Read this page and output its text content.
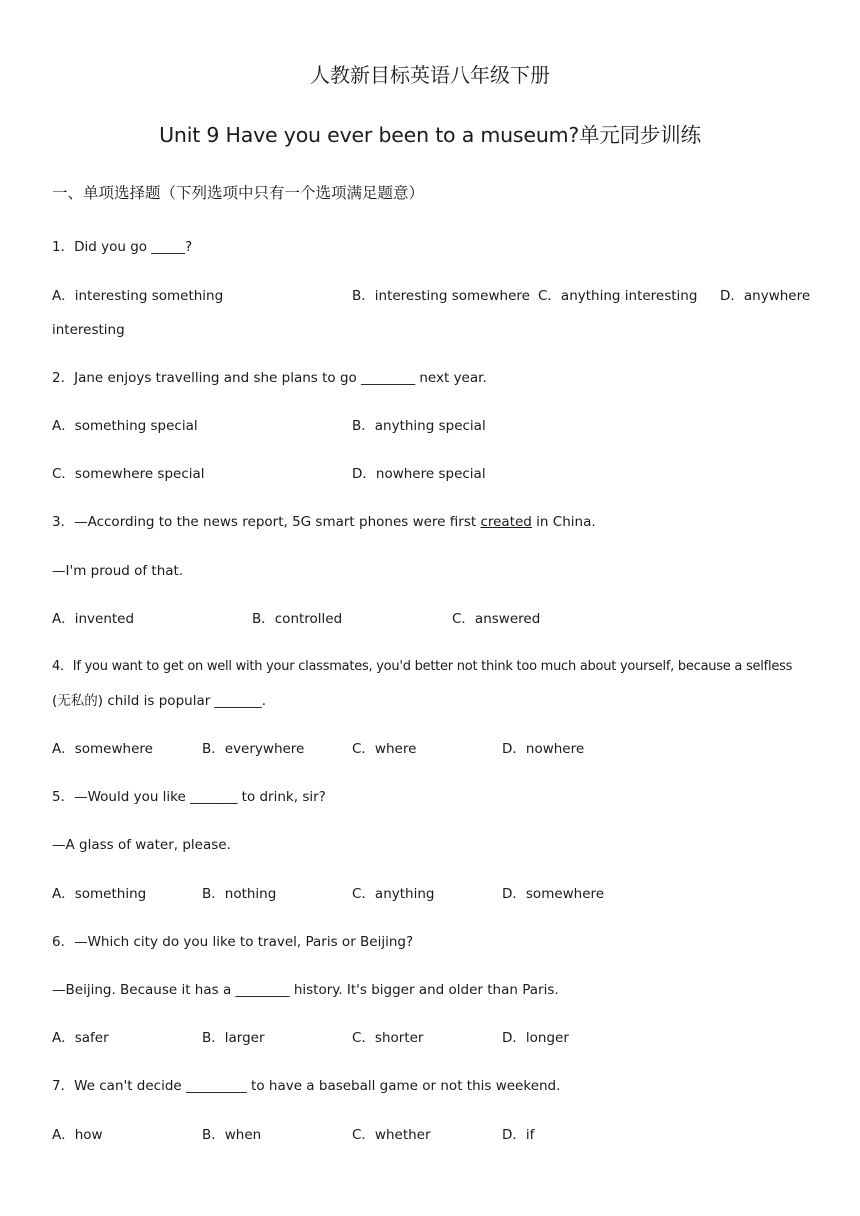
人教新目标英语八年级下册
Unit 9 Have you ever been to a museum?单元同步训练
一、单项选择题（下列选项中只有一个选项满足题意）
1．Did you go _____?
A．interesting something	B．interesting somewhere C．anything interesting D．anywhere
interesting
2．Jane enjoys travelling and she plans to go ________ next year.
A．something special	B．anything special
C．somewhere special	D．nowhere special
3．—According to the news report, 5G smart phones were first created in China.
—I'm proud of that.
A．invented	B．controlled	C．answered
4．If you want to get on well with your classmates, you'd better not think too much about yourself, because a selfless
(无私的) child is popular _______.
A．somewhere	B．everywhere	C．where	D．nowhere
5．—Would you like _______ to drink, sir?
—A glass of water, please.
A．something	B．nothing	C．anything	D．somewhere
6．—Which city do you like to travel, Paris or Beijing?
—Beijing. Because it has a ________ history. It's bigger and older than Paris.
A．safer	B．larger	C．shorter	D．longer
7．We can't decide _________ to have a baseball game or not this weekend.
A．how	B．when	C．whether	D．if
